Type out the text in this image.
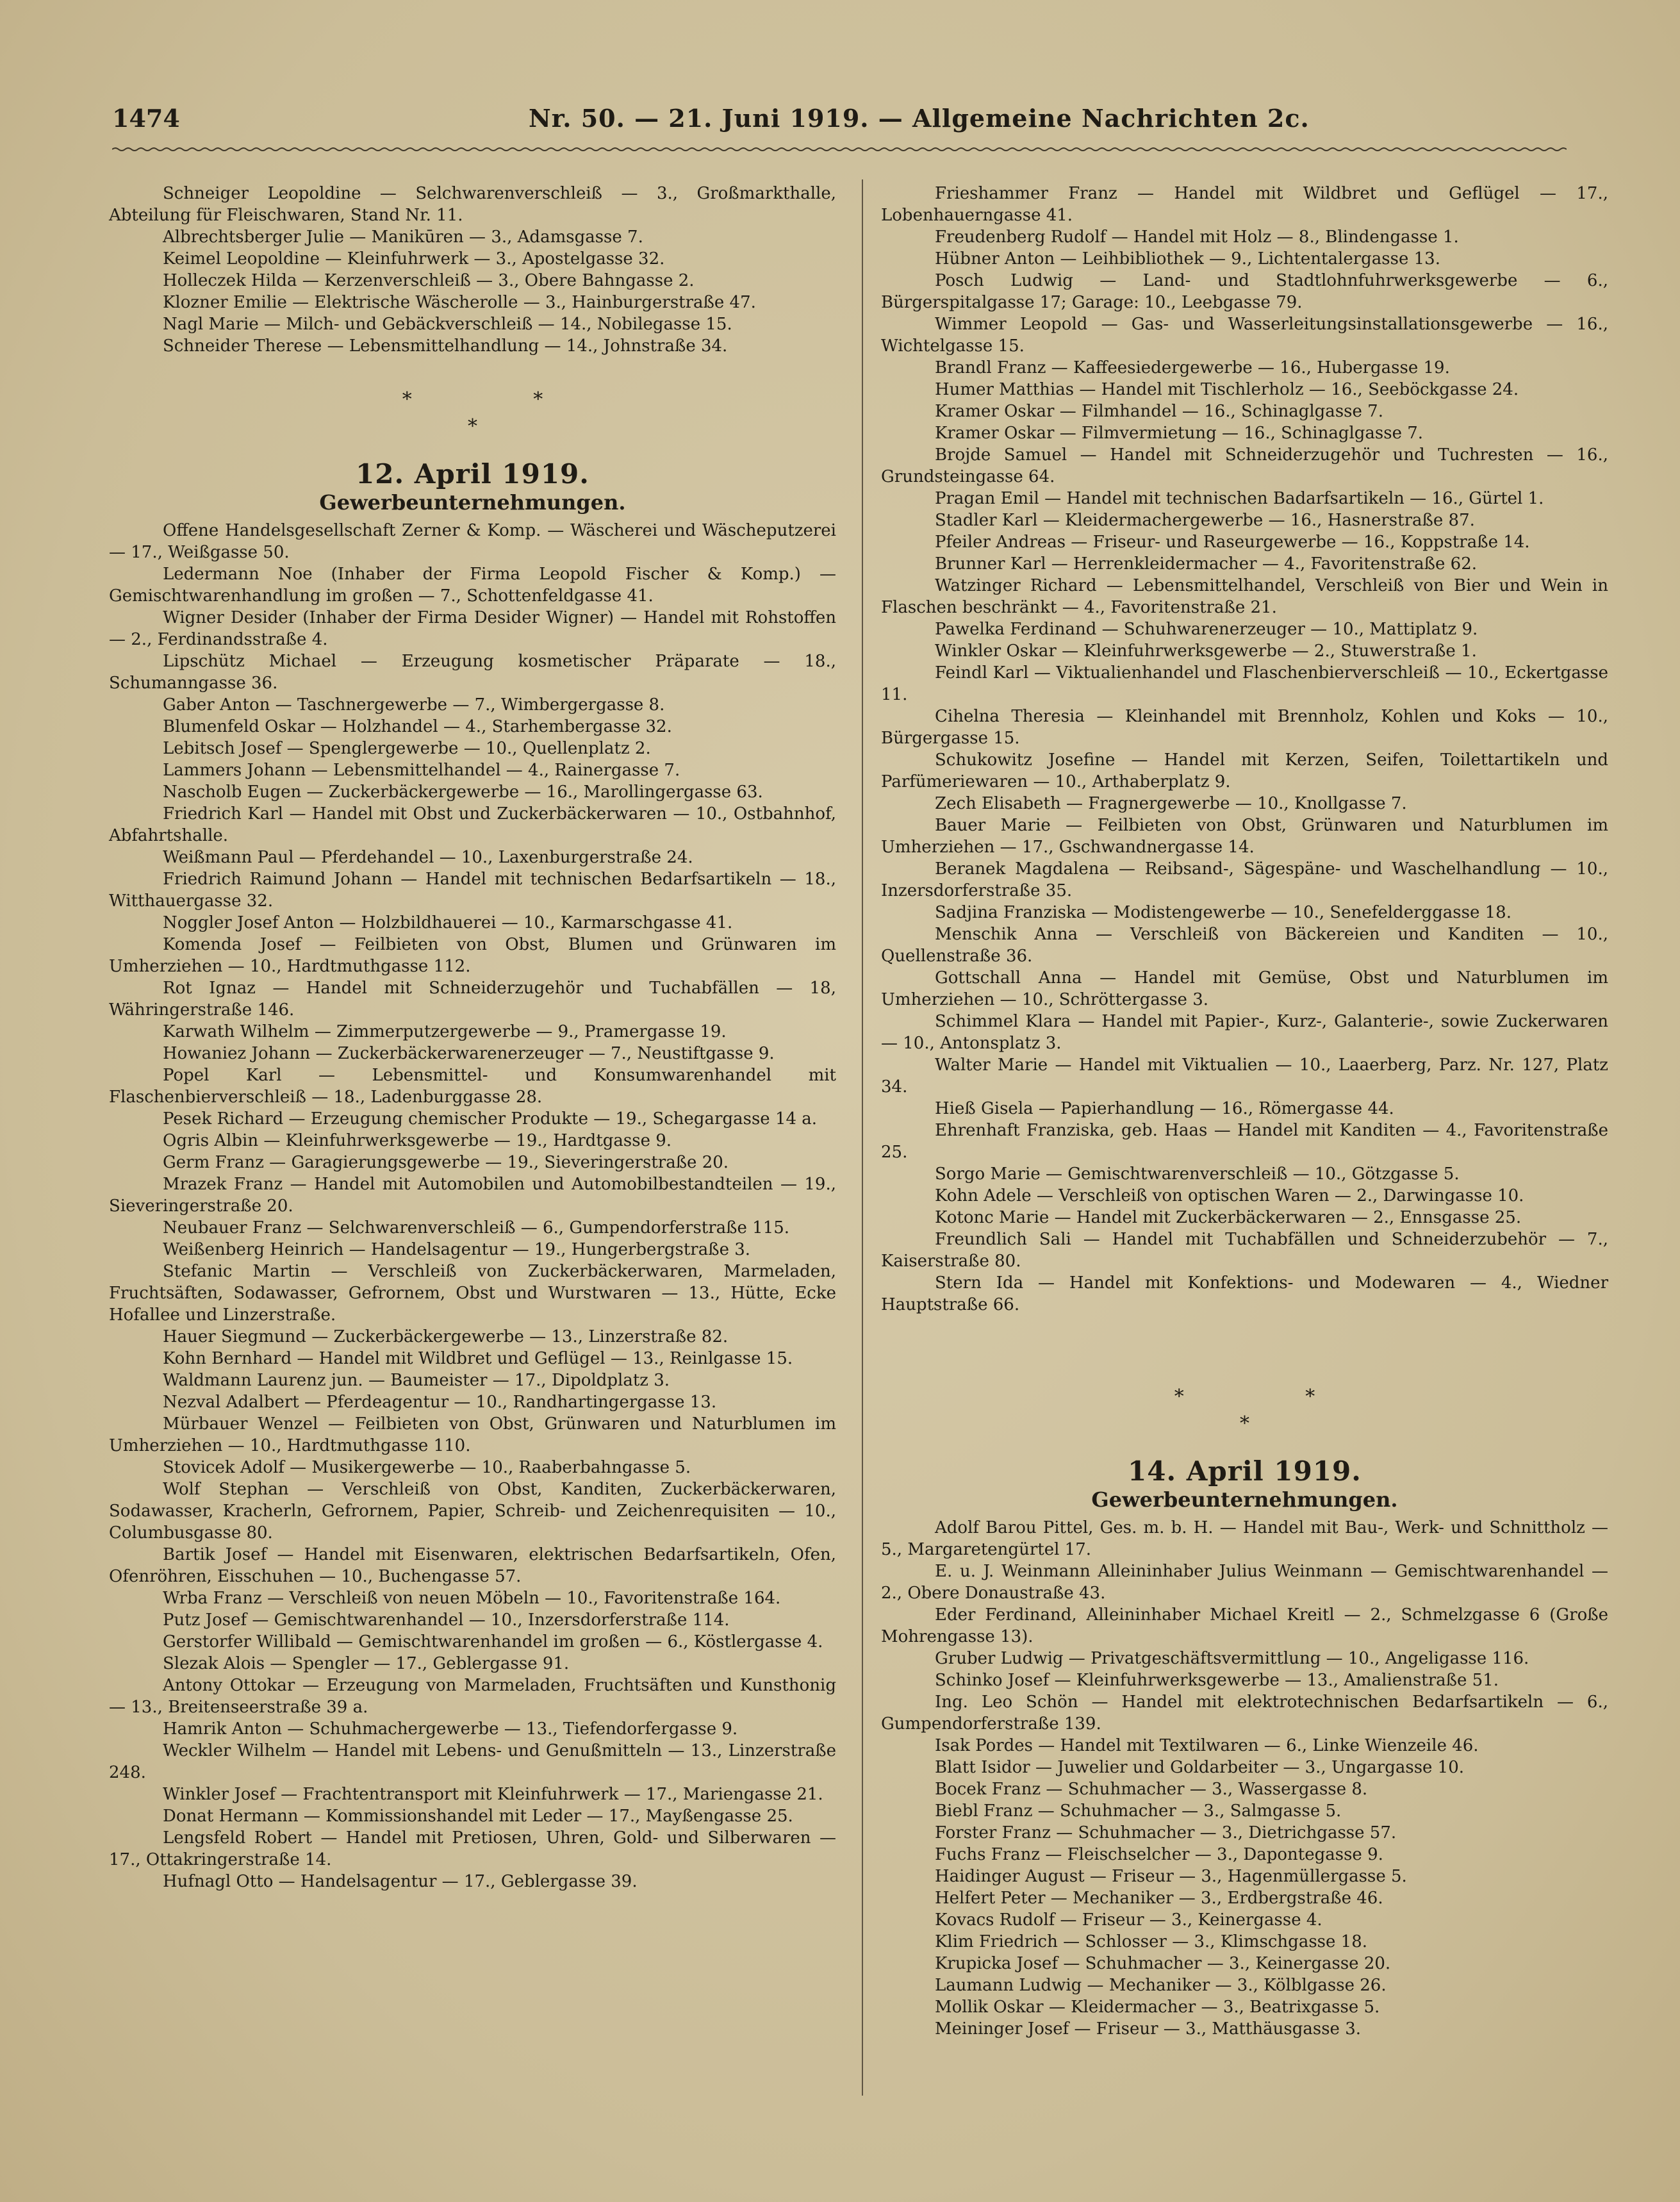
1474	Nr. 50. — 21. Juni 1919. — Allgemeine Nachrichten 2c.

Schneiger Leopoldine — Selchwarenverschleiß — 3., Großmarkthalle, Abteilung für Fleischwaren, Stand Nr. 11.

Albrechtsberger Julie — Manikūren — 3., Adamsgasse 7.

Keimel Leopoldine — Kleinfuhrwerk — 3., Apostelgasse 32.

Holleczek Hilda — Kerzenverschleiß — 3., Obere Bahngasse 2.

Klozner Emilie — Elektrische Wäscherolle — 3., Hainburgerstraße 47.

Nagl Marie — Milch- und Gebäckverschleiß — 14., Nobilegasse 15.

Schneider Therese — Lebensmittelhandlung — 14., Johnstraße 34.

* *
*
12. April 1919.
Gewerbeunternehmungen.

Offene Handelsgesellschaft Zerner & Komp. — Wäscherei und Wäscheputzerei — 17., Weißgasse 50.

Ledermann Noe (Inhaber der Firma Leopold Fischer & Komp.) — Gemischtwarenhandlung im großen — 7., Schottenfeldgasse 41.

Wigner Desider (Inhaber der Firma Desider Wigner) — Handel mit Rohstoffen — 2., Ferdinandsstraße 4.

Lipschütz Michael — Erzeugung kosmetischer Präparate — 18., Schumanngasse 36.

Gaber Anton — Taschnergewerbe — 7., Wimbergergasse 8.

Blumenfeld Oskar — Holzhandel — 4., Starhembergasse 32.

Lebitsch Josef — Spenglergewerbe — 10., Quellenplatz 2.

Lammers Johann — Lebensmittelhandel — 4., Rainergasse 7.

Nascholb Eugen — Zuckerbäckergewerbe — 16., Marollingergasse 63.

Friedrich Karl — Handel mit Obst und Zuckerbäckerwaren — 10., Ostbahnhof, Abfahrtshalle.

Weißmann Paul — Pferdehandel — 10., Laxenburgerstraße 24.

Friedrich Raimund Johann — Handel mit technischen Bedarfsartikeln — 18., Witthauergasse 32.

Noggler Josef Anton — Holzbildhauerei — 10., Karmarschgasse 41.

Komenda Josef — Feilbieten von Obst, Blumen und Grünwaren im Umherziehen — 10., Hardtmuthgasse 112.

Rot Ignaz — Handel mit Schneiderzugehör und Tuchabfällen — 18, Währingerstraße 146.

Karwath Wilhelm — Zimmerputzergewerbe — 9., Pramergasse 19.

Howaniez Johann — Zuckerbäckerwarenerzeuger — 7., Neustiftgasse 9.

Popel Karl — Lebensmittel- und Konsumwarenhandel mit Flaschenbierverschleiß — 18., Ladenburggasse 28.

Pesek Richard — Erzeugung chemischer Produkte — 19., Schegargasse 14 a.

Ogris Albin — Kleinfuhrwerksgewerbe — 19., Hardtgasse 9.

Germ Franz — Garagierungsgewerbe — 19., Sieveringerstraße 20.

Mrazek Franz — Handel mit Automobilen und Automobilbestandteilen — 19., Sieveringerstraße 20.

Neubauer Franz — Selchwarenverschleiß — 6., Gumpendorferstraße 115.

Weißenberg Heinrich — Handelsagentur — 19., Hungerbergstraße 3.

Stefanic Martin — Verschleiß von Zuckerbäckerwaren, Marmeladen, Fruchtsäften, Sodawasser, Gefrornem, Obst und Wurstwaren — 13., Hütte, Ecke Hofallee und Linzerstraße.

Hauer Siegmund — Zuckerbäckergewerbe — 13., Linzerstraße 82.

Kohn Bernhard — Handel mit Wildbret und Geflügel — 13., Reinlgasse 15.

Waldmann Laurenz jun. — Baumeister — 17., Dipoldplatz 3.

Nezval Adalbert — Pferdeagentur — 10., Randhartingergasse 13.

Mürbauer Wenzel — Feilbieten von Obst, Grünwaren und Naturblumen im Umherziehen — 10., Hardtmuthgasse 110.

Stovicek Adolf — Musikergewerbe — 10., Raaberbahngasse 5.

Wolf Stephan — Verschleiß von Obst, Kanditen, Zuckerbäckerwaren, Sodawasser, Kracherln, Gefrornem, Papier, Schreib- und Zeichenrequisiten — 10., Columbusgasse 80.

Bartik Josef — Handel mit Eisenwaren, elektrischen Bedarfsartikeln, Ofen, Ofenröhren, Eisschuhen — 10., Buchengasse 57.

Wrba Franz — Verschleiß von neuen Möbeln — 10., Favoritenstraße 164.

Putz Josef — Gemischtwarenhandel — 10., Inzersdorferstraße 114.

Gerstorfer Willibald — Gemischtwarenhandel im großen — 6., Köstlergasse 4.

Slezak Alois — Spengler — 17., Geblergasse 91.

Antony Ottokar — Erzeugung von Marmeladen, Fruchtsäften und Kunsthonig — 13., Breitenseerstraße 39 a.

Hamrik Anton — Schuhmachergewerbe — 13., Tiefendorfergasse 9.

Weckler Wilhelm — Handel mit Lebens- und Genußmitteln — 13., Linzerstraße 248.

Winkler Josef — Frachtentransport mit Kleinfuhrwerk — 17., Mariengasse 21.

Donat Hermann — Kommissionshandel mit Leder — 17., Mayßengasse 25.

Lengsfeld Robert — Handel mit Pretiosen, Uhren, Gold- und Silberwaren — 17., Ottakringerstraße 14.

Hufnagl Otto — Handelsagentur — 17., Geblergasse 39.

Frieshammer Franz — Handel mit Wildbret und Geflügel — 17., Lobenhauerngasse 41.

Freudenberg Rudolf — Handel mit Holz — 8., Blindengasse 1.

Hübner Anton — Leihbibliothek — 9., Lichtentalergasse 13.

Posch Ludwig — Land- und Stadtlohnfuhrwerksgewerbe — 6., Bürgerspitalgasse 17; Garage: 10., Leebgasse 79.

Wimmer Leopold — Gas- und Wasserleitungsinstallationsgewerbe — 16., Wichtelgasse 15.

Brandl Franz — Kaffeesiedergewerbe — 16., Hubergasse 19.

Humer Matthias — Handel mit Tischlerholz — 16., Seeböckgasse 24.

Kramer Oskar — Filmhandel — 16., Schinaglgasse 7.

Kramer Oskar — Filmvermietung — 16., Schinaglgasse 7.

Brojde Samuel — Handel mit Schneiderzugehör und Tuchresten — 16., Grundsteingasse 64.

Pragan Emil — Handel mit technischen Badarfsartikeln — 16., Gürtel 1.

Stadler Karl — Kleidermachergewerbe — 16., Hasnerstraße 87.

Pfeiler Andreas — Friseur- und Raseurgewerbe — 16., Koppstraße 14.

Brunner Karl — Herrenkleidermacher — 4., Favoritenstraße 62.

Watzinger Richard — Lebensmittelhandel, Verschleiß von Bier und Wein in Flaschen beschränkt — 4., Favoritenstraße 21.

Pawelka Ferdinand — Schuhwarenerzeuger — 10., Mattiplatz 9.

Winkler Oskar — Kleinfuhrwerksgewerbe — 2., Stuwerstraße 1.

Feindl Karl — Viktualienhandel und Flaschenbierverschleiß — 10., Eckertgasse 11.

Cihelna Theresia — Kleinhandel mit Brennholz, Kohlen und Koks — 10., Bürgergasse 15.

Schukowitz Josefine — Handel mit Kerzen, Seifen, Toilettartikeln und Parfümeriewaren — 10., Arthaberplatz 9.

Zech Elisabeth — Fragnergewerbe — 10., Knollgasse 7.

Bauer Marie — Feilbieten von Obst, Grünwaren und Naturblumen im Umherziehen — 17., Gschwandnergasse 14.

Beranek Magdalena — Reibsand-, Sägespäne- und Waschelhandlung — 10., Inzersdorferstraße 35.

Sadjina Franziska — Modistengewerbe — 10., Senefelderggasse 18.

Menschik Anna — Verschleiß von Bäckereien und Kanditen — 10., Quellenstraße 36.

Gottschall Anna — Handel mit Gemüse, Obst und Naturblumen im Umherziehen — 10., Schröttergasse 3.

Schimmel Klara — Handel mit Papier-, Kurz-, Galanterie-, sowie Zuckerwaren — 10., Antonsplatz 3.

Walter Marie — Handel mit Viktualien — 10., Laaerberg, Parz. Nr. 127, Platz 34.

Hieß Gisela — Papierhandlung — 16., Römergasse 44.

Ehrenhaft Franziska, geb. Haas — Handel mit Kanditen — 4., Favoritenstraße 25.

Sorgo Marie — Gemischtwarenverschleiß — 10., Götzgasse 5.

Kohn Adele — Verschleiß von optischen Waren — 2., Darwingasse 10.

Kotonc Marie — Handel mit Zuckerbäckerwaren — 2., Ennsgasse 25.

Freundlich Sali — Handel mit Tuchabfällen und Schneiderzubehör — 7., Kaiserstraße 80.

Stern Ida — Handel mit Konfektions- und Modewaren — 4., Wiedner Hauptstraße 66.

* *
*
14. April 1919.
Gewerbeunternehmungen.

Adolf Barou Pittel, Ges. m. b. H. — Handel mit Bau-, Werk- und Schnittholz — 5., Margaretengürtel 17.

E. u. J. Weinmann Alleininhaber Julius Weinmann — Gemischtwarenhandel — 2., Obere Donaustraße 43.

Eder Ferdinand, Alleininhaber Michael Kreitl — 2., Schmelzgasse 6 (Große Mohrengasse 13).

Gruber Ludwig — Privatgeschäftsvermittlung — 10., Angeligasse 116.

Schinko Josef — Kleinfuhrwerksgewerbe — 13., Amalienstraße 51.

Ing. Leo Schön — Handel mit elektrotechnischen Bedarfsartikeln — 6., Gumpendorferstraße 139.

Isak Pordes — Handel mit Textilwaren — 6., Linke Wienzeile 46.

Blatt Isidor — Juwelier und Goldarbeiter — 3., Ungargasse 10.

Bocek Franz — Schuhmacher — 3., Wassergasse 8.

Biebl Franz — Schuhmacher — 3., Salmgasse 5.

Forster Franz — Schuhmacher — 3., Dietrichgasse 57.

Fuchs Franz — Fleischselcher — 3., Dapontegasse 9.

Haidinger August — Friseur — 3., Hagenmüllergasse 5.

Helfert Peter — Mechaniker — 3., Erdbergstraße 46.

Kovacs Rudolf — Friseur — 3., Keinergasse 4.

Klim Friedrich — Schlosser — 3., Klimschgasse 18.

Krupicka Josef — Schuhmacher — 3., Keinergasse 20.

Laumann Ludwig — Mechaniker — 3., Kölblgasse 26.

Mollik Oskar — Kleidermacher — 3., Beatrixgasse 5.

Meininger Josef — Friseur — 3., Matthäusgasse 3.
